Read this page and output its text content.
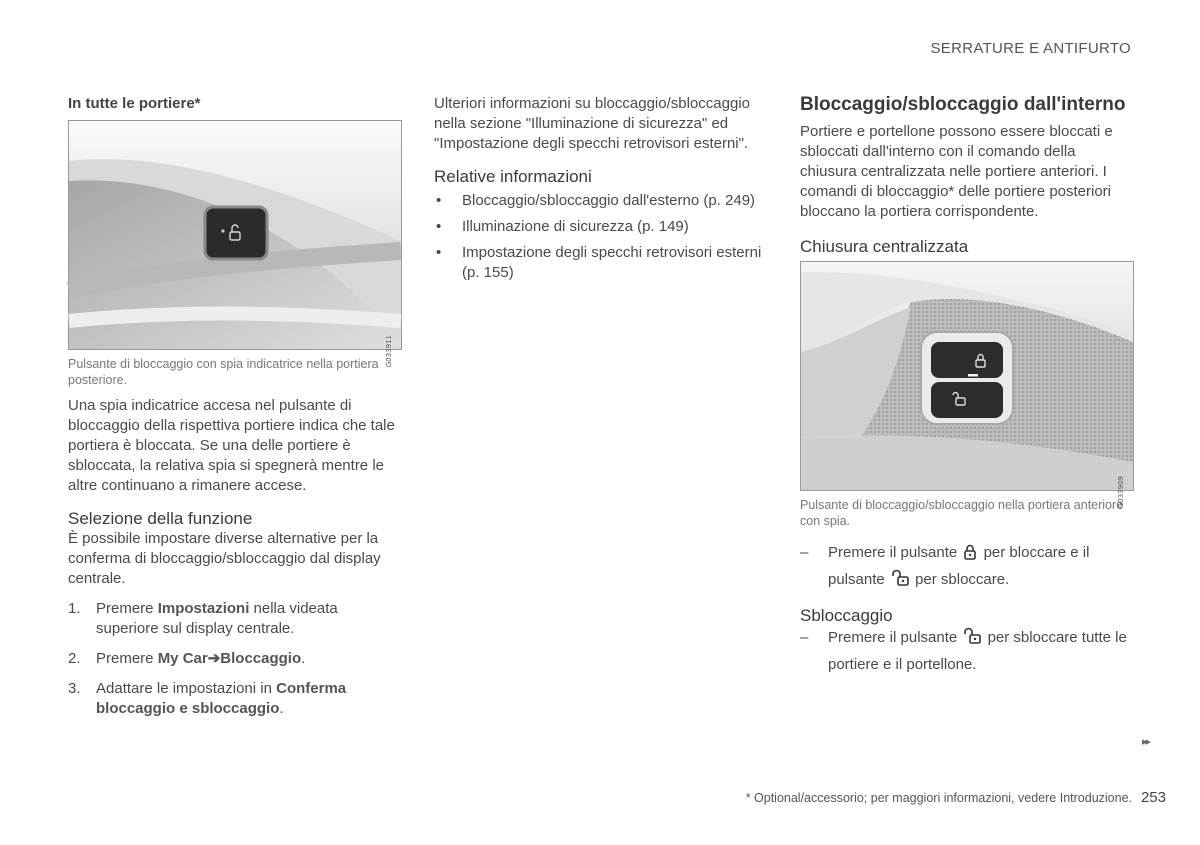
SERRATURE E ANTIFURTO
In tutte le portiere*
G033911

Pulsante di bloccaggio con spia indicatrice nella portiera posteriore.

Una spia indicatrice accesa nel pulsante di bloccaggio della rispettiva portiere indica che tale portiera è bloccata. Se una delle portiere è sbloccata, la relativa spia si spegnerà mentre le altre continuano a rimanere accese.

Selezione della funzione

È possibile impostare diverse alternative per la conferma di bloccaggio/sbloccaggio dal display centrale.

1. Premere Impostazioni nella videata superiore sul display centrale.
2. Premere My Car➔Bloccaggio.
3. Adattare le impostazioni in Conferma bloccaggio e sbloccaggio.

Ulteriori informazioni su bloccaggio/sbloccaggio nella sezione "Illuminazione di sicurezza" ed "Impostazione degli specchi retrovisori esterni".

Relative informazioni
• Bloccaggio/sbloccaggio dall'esterno (p. 249)
• Illuminazione di sicurezza (p. 149)
• Impostazione degli specchi retrovisori esterni (p. 155)
Bloccaggio/sbloccaggio dall'interno

Portiere e portellone possono essere bloccati e sbloccati dall'interno con il comando della chiusura centralizzata nelle portiere anteriori. I comandi di bloccaggio* delle portiere posteriori bloccano la portiera corrispondente.

Chiusura centralizzata
G033909

Pulsante di bloccaggio/sbloccaggio nella portiera anteriore con spia.

– Premere il pulsante per bloccare e il pulsante per sbloccare.
Sbloccaggio
– Premere il pulsante per sbloccare tutte le portiere e il portellone.
▸▸
* Optional/accessorio; per maggiori informazioni, vedere Introduzione. 253
